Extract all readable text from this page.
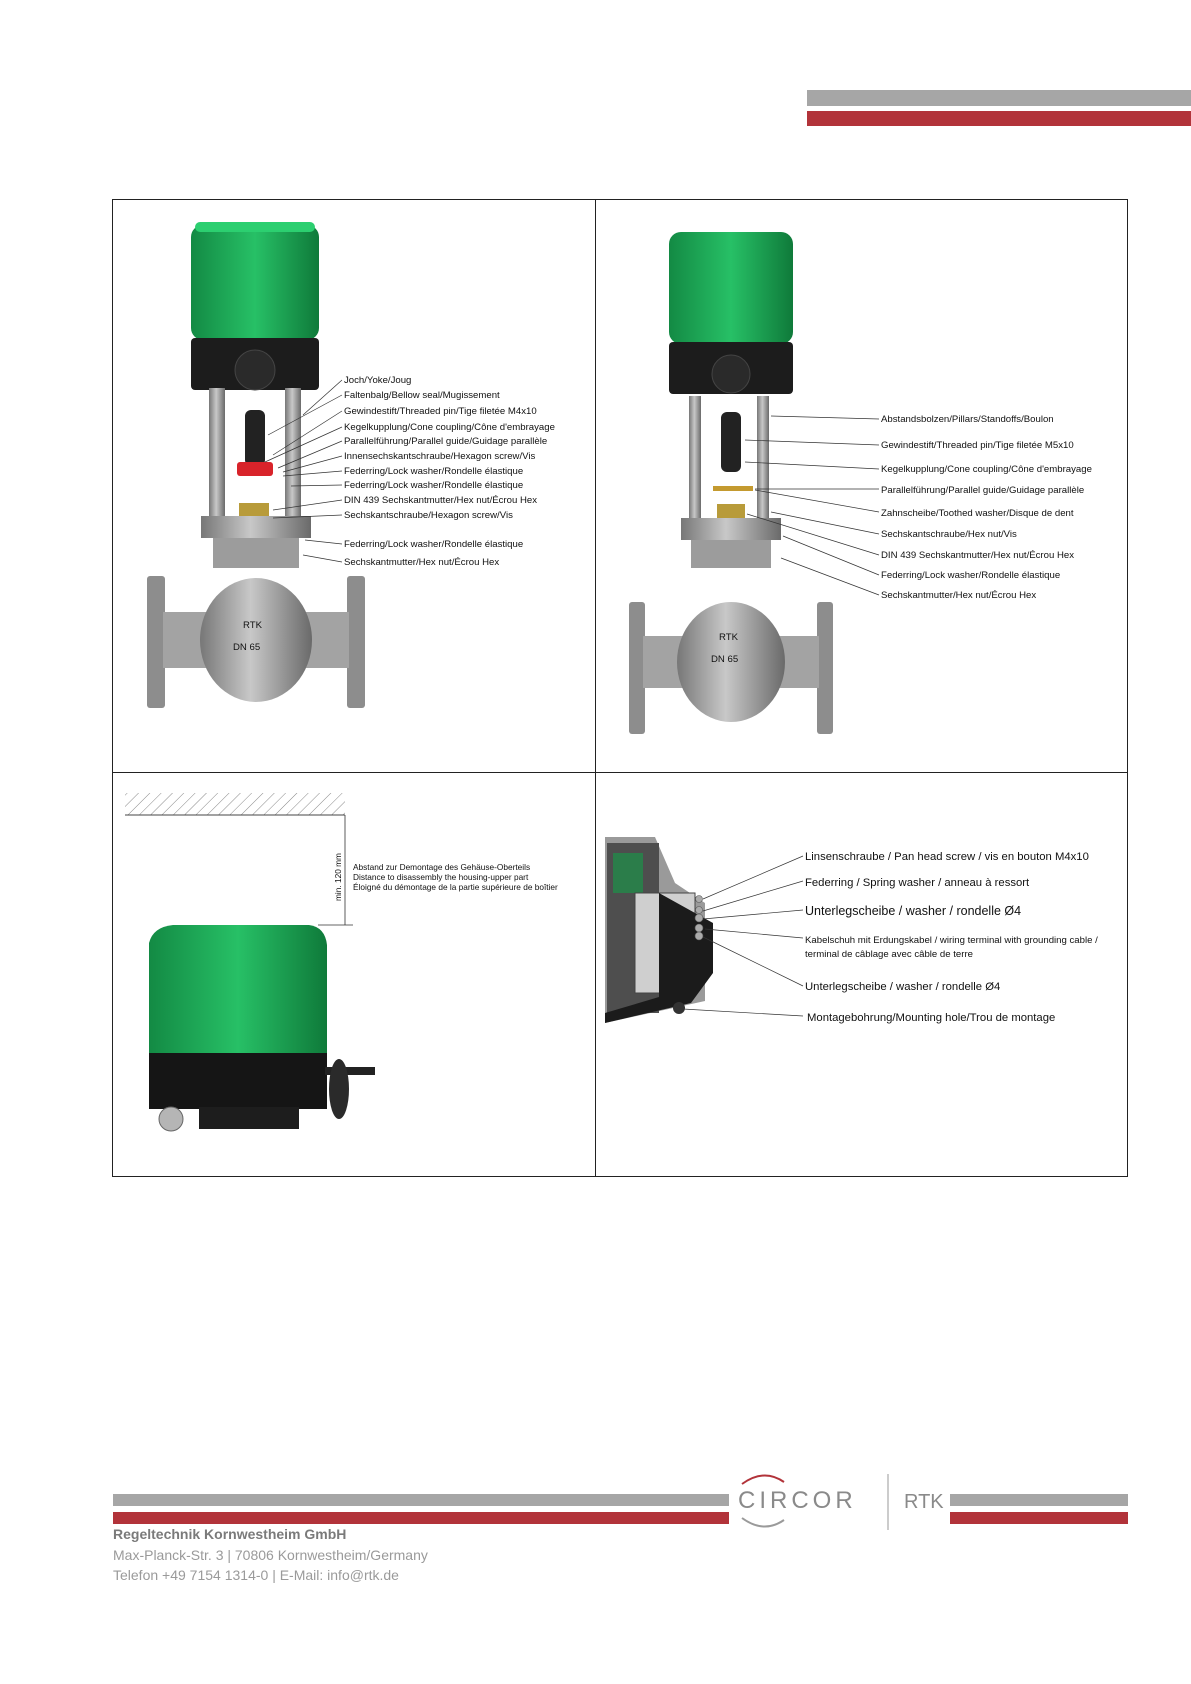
RTK
DN 65
Joch/Yoke/Joug
Faltenbalg/Bellow seal/Mugissement
Gewindestift/Threaded pin/Tige filetée M4x10
Kegelkupplung/Cone coupling/Cône d'embrayage
Parallelführung/Parallel guide/Guidage parallèle
Innensechskantschraube/Hexagon screw/Vis
Federring/Lock washer/Rondelle élastique
Federring/Lock washer/Rondelle élastique
DIN 439 Sechskantmutter/Hex nut/Écrou Hex
Sechskantschraube/Hexagon screw/Vis
Federring/Lock washer/Rondelle élastique
Sechskantmutter/Hex nut/Écrou Hex
RTK
DN 65
Abstandsbolzen/Pillars/Standoffs/Boulon
Gewindestift/Threaded pin/Tige filetée M5x10
Kegelkupplung/Cone coupling/Cône d'embrayage
Parallelführung/Parallel guide/Guidage parallèle
Zahnscheibe/Toothed washer/Disque de dent
Sechskantschraube/Hex nut/Vis
DIN 439 Sechskantmutter/Hex nut/Écrou Hex
Federring/Lock washer/Rondelle élastique
Sechskantmutter/Hex nut/Écrou Hex
min. 120 mm Abstand zur Demontage des Gehäuse-Oberteils
Distance to disassembly the housing-upper part
Éloigné du démontage de la partie supérieure de boîtier
Linsenschraube / Pan head screw / vis en bouton M4x10
Federring / Spring washer / anneau à ressort
Unterlegscheibe / washer / rondelle Ø4
Kabelschuh mit Erdungskabel / wiring terminal with grounding cable /
terminal de câblage avec câble de terre
Unterlegscheibe / washer / rondelle Ø4
Montagebohrung/Mounting hole/Trou de montage
CIRCOR RTK
Regeltechnik Kornwestheim GmbH
Max-Planck-Str. 3 | 70806 Kornwestheim/Germany
Telefon +49 7154 1314-0 | E-Mail: info@rtk.de
